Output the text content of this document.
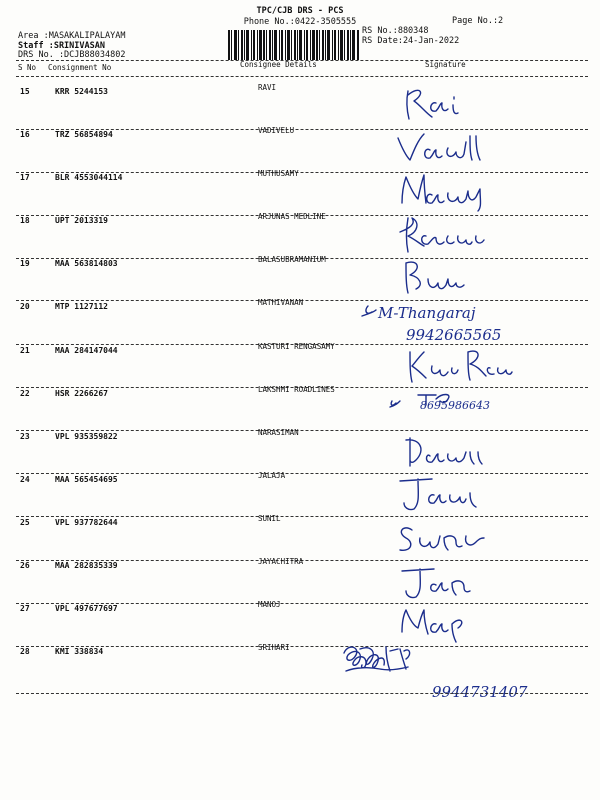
TPC/CJB DRS - PCS
Phone No.:0422-3505555	Page No.:2
RS No.:880348
RS Date:24-Jan-2022
Area :MASAKALIPALAYAM
Staff :SRINIVASAN
DRS No. :DCJB88034802
S No Consignment No	Consignee Details	Signature
15	KRR 5244153	RAVI
16	TRZ 56854894	VADIVELU
17	BLR 4553044114	MUTHUSAMY
18	UPT 2013319	ARJUNAS MEDLINE
19	MAA 563814803	BALASUBRAMANIUM
20	MTP 1127112	MATHIVANAN
M-Thangaraj
9942665565
21	MAA 284147044	KASTURI RENGASAMY
22	HSR 2266267	LAKSHMI ROADLINES
8695986643
23	VPL 935359822	NARASIMAN
24	MAA 565454695	JALAJA
25	VPL 937782644	SUNIL
26	MAA 282835339	JAYACHITRA
27	VPL 497677697	MANOJ
28	KMI 338834	SRIHARI
9944731407
